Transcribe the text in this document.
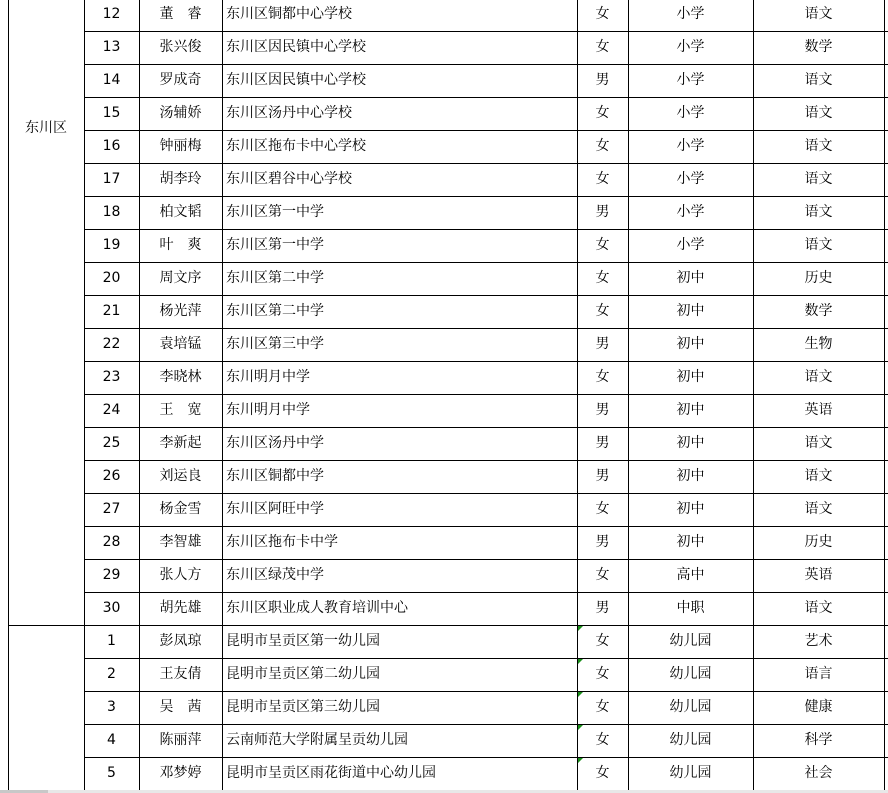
12	董　睿	东川区铜都中心学校	女	小学	语文
13	张兴俊	东川区因民镇中心学校	女	小学	数学
14	罗成奇	东川区因民镇中心学校	男	小学	语文
15	汤辅娇	东川区汤丹中心学校	女	小学	语文
16	钟丽梅	东川区拖布卡中心学校	女	小学	语文
17	胡李玲	东川区碧谷中心学校	女	小学	语文
18	柏文韬	东川区第一中学	男	小学	语文
19	叶　爽	东川区第一中学	女	小学	语文
20	周文序	东川区第二中学	女	初中	历史
21	杨光萍	东川区第二中学	女	初中	数学
22	袁培锰	东川区第三中学	男	初中	生物
23	李晓林	东川明月中学	女	初中	语文
24	王　宽	东川明月中学	男	初中	英语
25	李新起	东川区汤丹中学	男	初中	语文
26	刘运良	东川区铜都中学	男	初中	语文
27	杨金雪	东川区阿旺中学	女	初中	语文
28	李智雄	东川区拖布卡中学	男	初中	历史
29	张人方	东川区绿茂中学	女	高中	英语
30	胡先雄	东川区职业成人教育培训中心	男	中职	语文
东川区
1	彭凤琼	昆明市呈贡区第一幼儿园	女	幼儿园	艺术
2	王友倩	昆明市呈贡区第二幼儿园	女	幼儿园	语言
3	吴　茜	昆明市呈贡区第三幼儿园	女	幼儿园	健康
4	陈丽萍	云南师范大学附属呈贡幼儿园	女	幼儿园	科学
5	邓梦婷	昆明市呈贡区雨花街道中心幼儿园	女	幼儿园	社会
